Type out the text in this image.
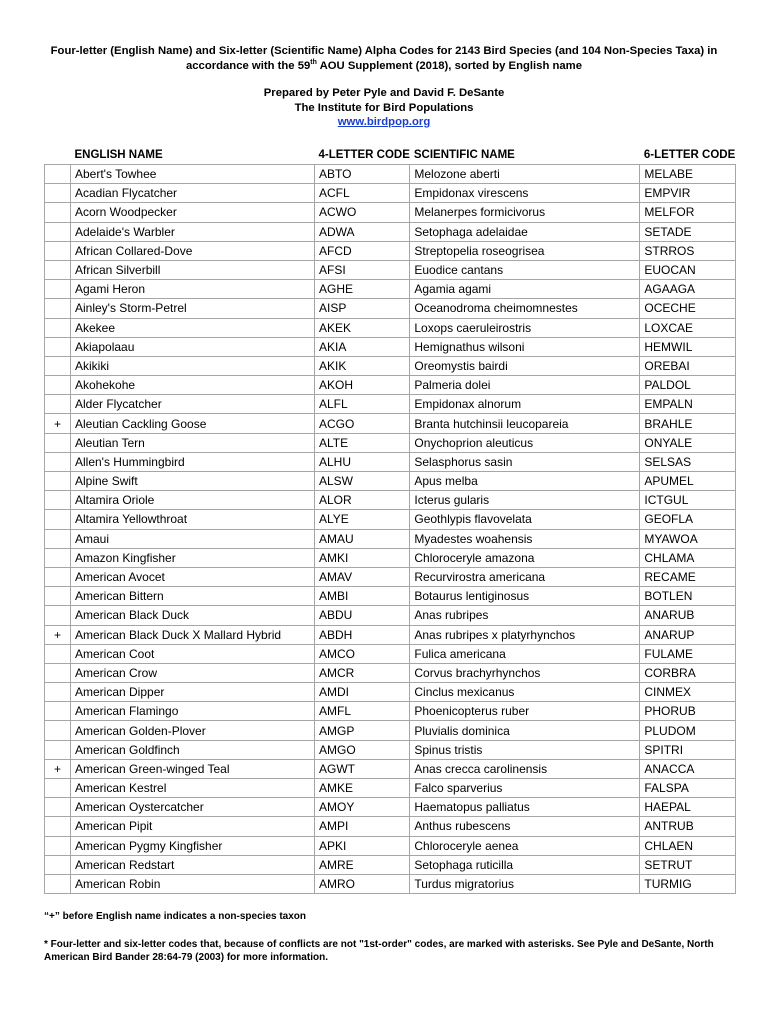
Four-letter (English Name) and Six-letter (Scientific Name) Alpha Codes for 2143 Bird Species (and 104 Non-Species Taxa) in accordance with the 59th AOU Supplement (2018), sorted by English name
Prepared by Peter Pyle and David F. DeSante
The Institute for Bird Populations
www.birdpop.org
	ENGLISH NAME	4-LETTER CODE	SCIENTIFIC NAME	6-LETTER CODE
	Abert's Towhee	ABTO	Melozone aberti	MELABE
	Acadian Flycatcher	ACFL	Empidonax virescens	EMPVIR
	Acorn Woodpecker	ACWO	Melanerpes formicivorus	MELFOR
	Adelaide's Warbler	ADWA	Setophaga adelaidae	SETADE
	African Collared-Dove	AFCD	Streptopelia roseogrisea	STRROS
	African Silverbill	AFSI	Euodice cantans	EUOCAN
	Agami Heron	AGHE	Agamia agami	AGAAGA
	Ainley's Storm-Petrel	AISP	Oceanodroma cheimomnestes	OCECHE
	Akekee	AKEK	Loxops caeruleirostris	LOXCAE
	Akiapolaau	AKIA	Hemignathus wilsoni	HEMWIL
	Akikiki	AKIK	Oreomystis bairdi	OREBAI
	Akohekohe	AKOH	Palmeria dolei	PALDOL
	Alder Flycatcher	ALFL	Empidonax alnorum	EMPALN
+	Aleutian Cackling Goose	ACGO	Branta hutchinsii leucopareia	BRAHLE
	Aleutian Tern	ALTE	Onychoprion aleuticus	ONYALE
	Allen's Hummingbird	ALHU	Selasphorus sasin	SELSAS
	Alpine Swift	ALSW	Apus melba	APUMEL
	Altamira Oriole	ALOR	Icterus gularis	ICTGUL
	Altamira Yellowthroat	ALYE	Geothlypis flavovelata	GEOFLA
	Amaui	AMAU	Myadestes woahensis	MYAWOA
	Amazon Kingfisher	AMKI	Chloroceryle amazona	CHLAMA
	American Avocet	AMAV	Recurvirostra americana	RECAME
	American Bittern	AMBI	Botaurus lentiginosus	BOTLEN
	American Black Duck	ABDU	Anas rubripes	ANARUB
+	American Black Duck X Mallard Hybrid	ABDH	Anas rubripes x platyrhynchos	ANARUP
	American Coot	AMCO	Fulica americana	FULAME
	American Crow	AMCR	Corvus brachyrhynchos	CORBRA
	American Dipper	AMDI	Cinclus mexicanus	CINMEX
	American Flamingo	AMFL	Phoenicopterus ruber	PHORUB
	American Golden-Plover	AMGP	Pluvialis dominica	PLUDOM
	American Goldfinch	AMGO	Spinus tristis	SPITRI
+	American Green-winged Teal	AGWT	Anas crecca carolinensis	ANACCA
	American Kestrel	AMKE	Falco sparverius	FALSPA
	American Oystercatcher	AMOY	Haematopus palliatus	HAEPAL
	American Pipit	AMPI	Anthus rubescens	ANTRUB
	American Pygmy Kingfisher	APKI	Chloroceryle aenea	CHLAEN
	American Redstart	AMRE	Setophaga ruticilla	SETRUT
	American Robin	AMRO	Turdus migratorius	TURMIG
“+” before English name indicates a non-species taxon
* Four-letter and six-letter codes that, because of conflicts are not "1st-order" codes, are marked with asterisks. See Pyle and DeSante, North American Bird Bander 28:64-79 (2003) for more information.
